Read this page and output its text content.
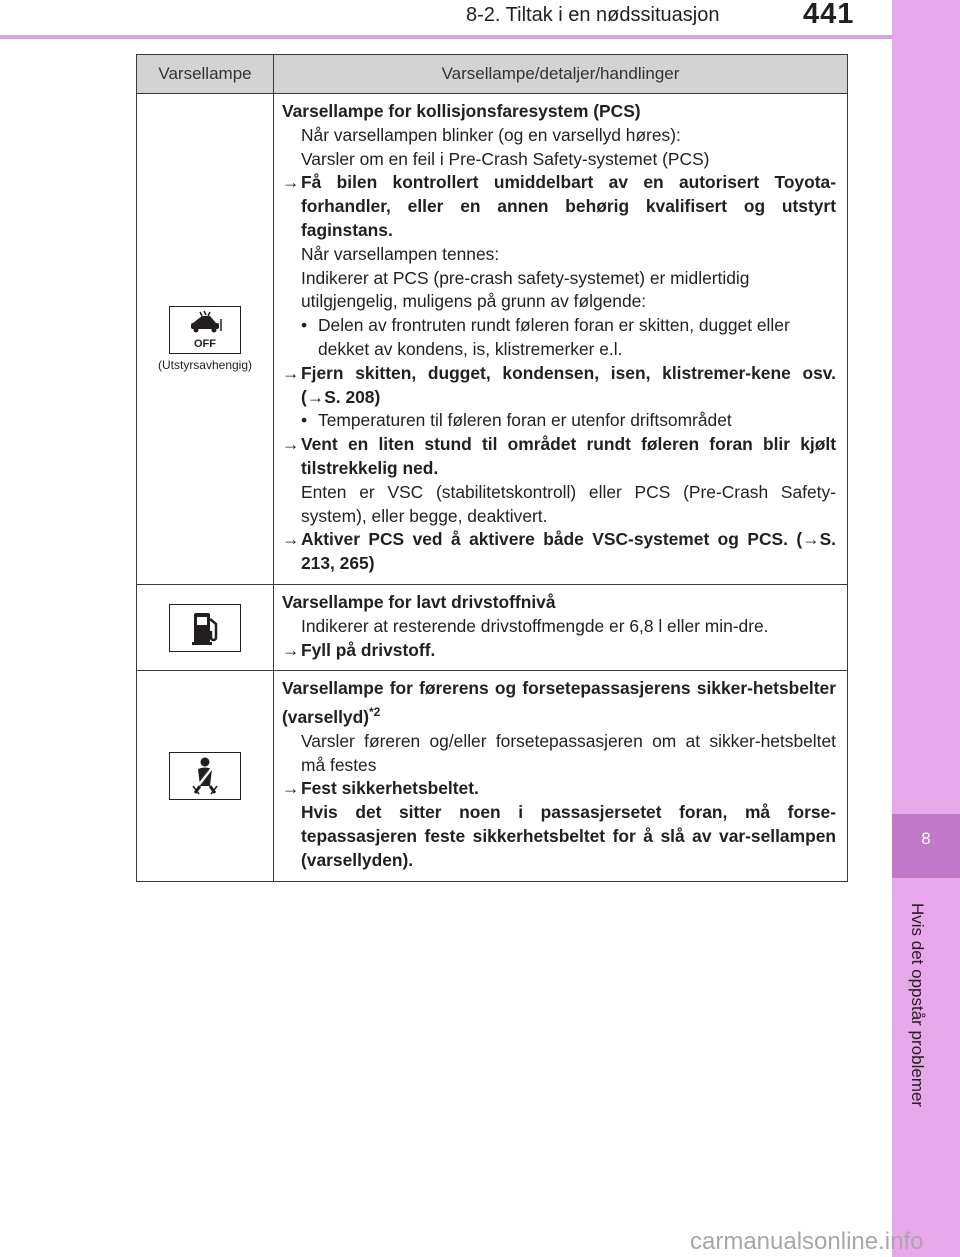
8-2. Tiltak i en nødssituasjon	441
8
Hvis det oppstår problemer
Varsellampe	Varsellampe/detaljer/handlinger
OFF
(Utstyrsavhengig)
Varsellampe for kollisjonsfaresystem (PCS)
Når varsellampen blinker (og en varsellyd høres):
Varsler om en feil i Pre-Crash Safety-systemet (PCS)
→ Få bilen kontrollert umiddelbart av en autorisert Toyota-forhandler, eller en annen behørig kvalifisert og utstyrt faginstans.
Når varsellampen tennes:
Indikerer at PCS (pre-crash safety-systemet) er midlertidig utilgjengelig, muligens på grunn av følgende:
• Delen av frontruten rundt føleren foran er skitten, dugget eller dekket av kondens, is, klistremerker e.l.
→ Fjern skitten, dugget, kondensen, isen, klistremer-kene osv. (→S. 208)
• Temperaturen til føleren foran er utenfor driftsområdet
→ Vent en liten stund til området rundt føleren foran blir kjølt tilstrekkelig ned.
Enten er VSC (stabilitetskontroll) eller PCS (Pre-Crash Safety-system), eller begge, deaktivert.
→ Aktiver PCS ved å aktivere både VSC-systemet og PCS. (→S. 213, 265)
Varsellampe for lavt drivstoffnivå
Indikerer at resterende drivstoffmengde er 6,8 l eller min-dre.
→ Fyll på drivstoff.
Varsellampe for førerens og forsetepassasjerens sikker-hetsbelter (varsellyd)$^{*2}$
Varsler føreren og/eller forsetepassasjeren om at sikker-hetsbeltet må festes
→ Fest sikkerhetsbeltet.
Hvis det sitter noen i passasjersetet foran, må forse-tepassasjeren feste sikkerhetsbeltet for å slå av var-sellampen (varsellyden).
carmanualsonline.info
